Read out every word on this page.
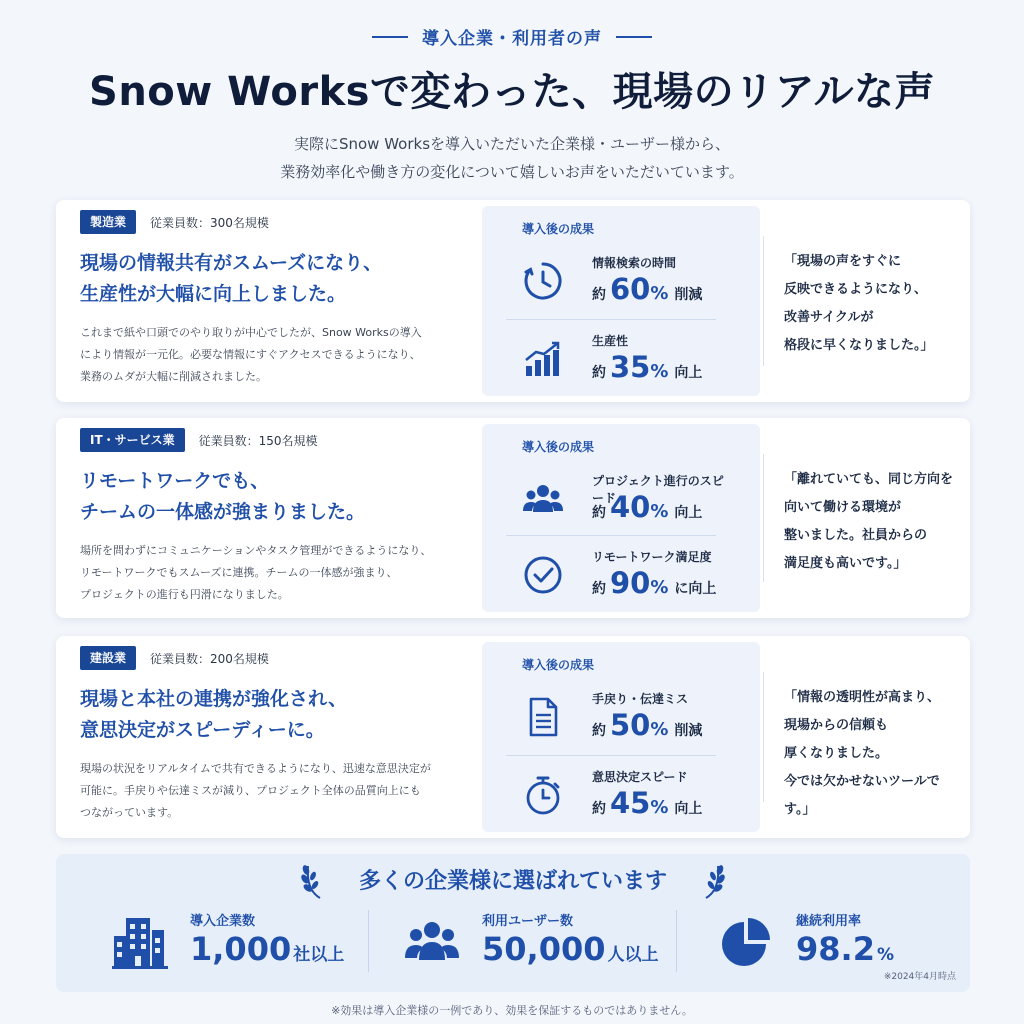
導入企業・利用者の声
Snow Worksで変わった、現場のリアルな声
実際にSnow Worksを導入いただいた企業様・ユーザー様から、
業務効率化や働き方の変化について嬉しいお声をいただいています。
製造業	従業員数：300名規模
現場の情報共有がスムーズになり、
生産性が大幅に向上しました。
これまで紙や口頭でのやり取りが中心でしたが、Snow Worksの導入
により情報が一元化。必要な情報にすぐアクセスできるようになり、
業務のムダが大幅に削減されました。
導入後の成果
情報検索の時間
約 60 % 削減
生産性
約 35 % 向上
「現場の声をすぐに
反映できるようになり、
改善サイクルが
格段に早くなりました。」
IT・サービス業	従業員数：150名規模
リモートワークでも、
チームの一体感が強まりました。
場所を問わずにコミュニケーションやタスク管理ができるようになり、
リモートワークでもスムーズに連携。チームの一体感が強まり、
プロジェクトの進行も円滑になりました。
導入後の成果
プロジェクト進行のスピード
約 40 % 向上
リモートワーク満足度
約 90 % に向上
「離れていても、同じ方向を
向いて働ける環境が
整いました。社員からの
満足度も高いです。」
建設業	従業員数：200名規模
現場と本社の連携が強化され、
意思決定がスピーディーに。
現場の状況をリアルタイムで共有できるようになり、迅速な意思決定が
可能に。手戻りや伝達ミスが減り、プロジェクト全体の品質向上にも
つながっています。
導入後の成果
手戻り・伝達ミス
約 50 % 削減
意思決定スピード
約 45 % 向上
「情報の透明性が高まり、
現場からの信頼も
厚くなりました。
今では欠かせないツールです。」
多くの企業様に選ばれています
導入企業数
1,000 社以上
利用ユーザー数
50,000 人以上
継続利用率
98.2 %
※2024年4月時点
※効果は導入企業様の一例であり、効果を保証するものではありません。
